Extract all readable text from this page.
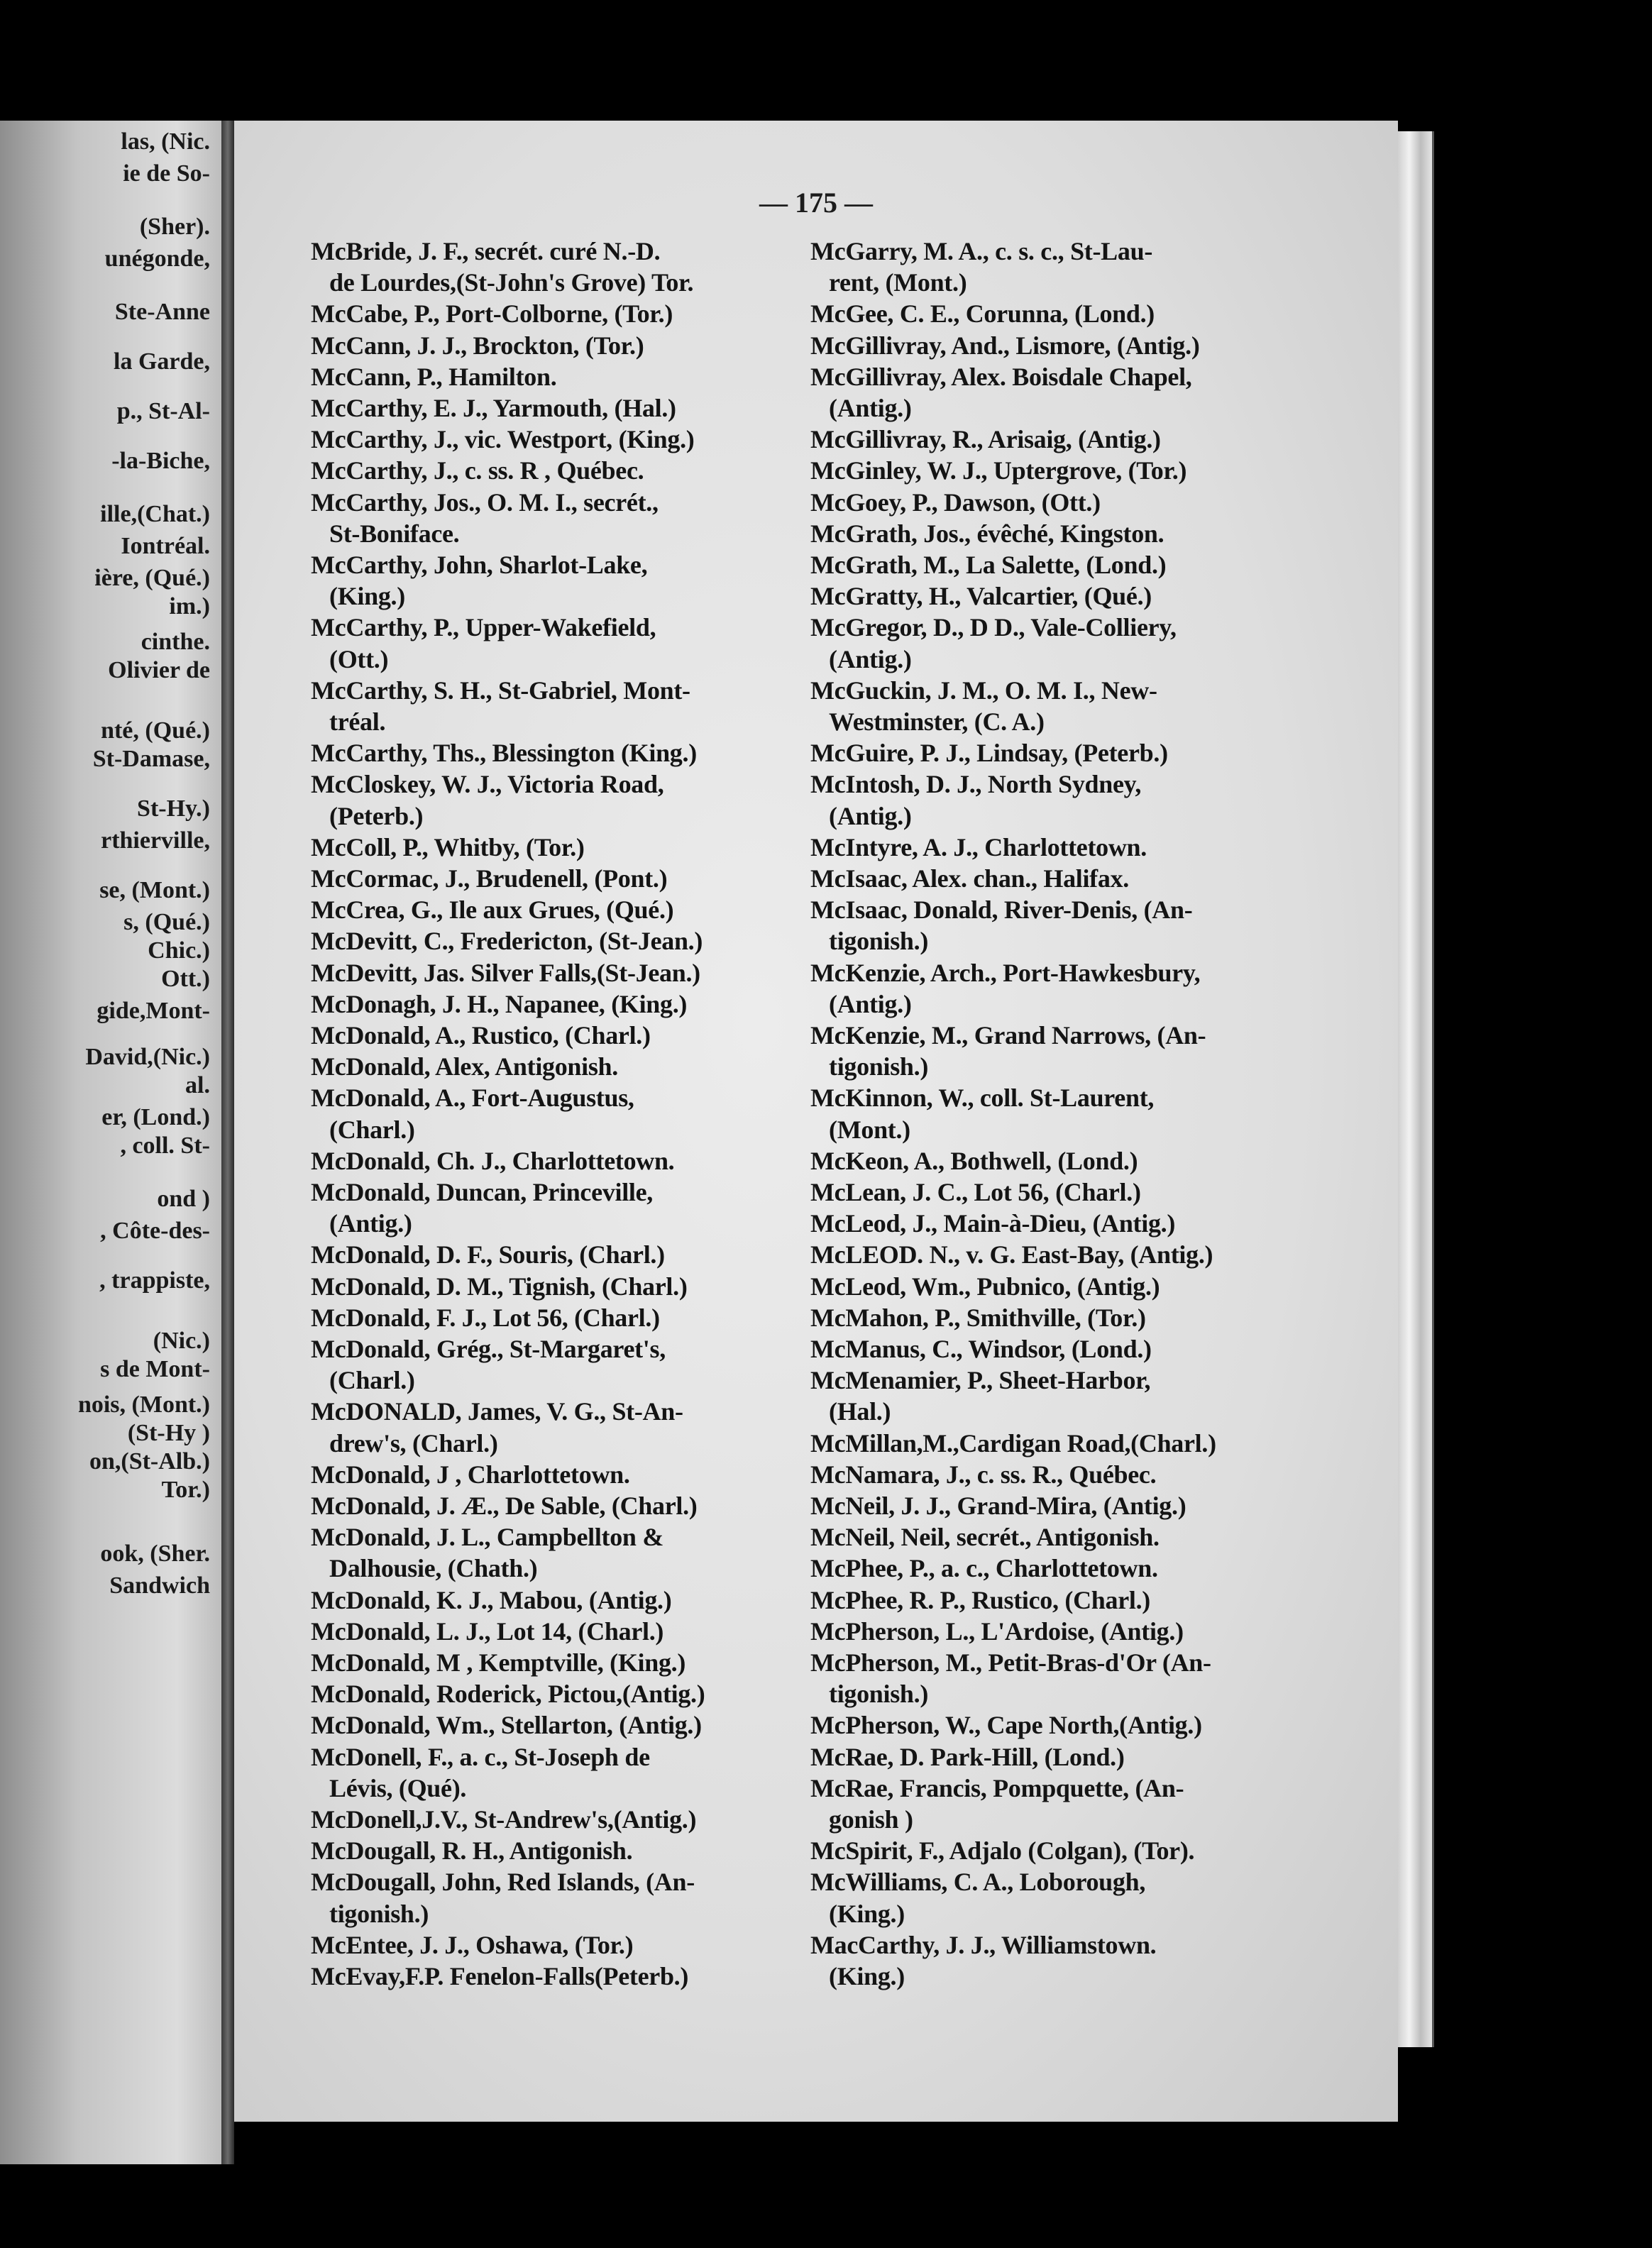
las, (Nic.
ie de So-
(Sher).
unégonde,
Ste-Anne
la Garde,
p., St-Al-
-la-Biche,
ille,(Chat.)
Iontréal.
ière, (Qué.)
im.)
cinthe.
Olivier de
nté, (Qué.)
St-Damase,
St-Hy.)
rthierville,
se, (Mont.)
s, (Qué.)
Chic.)
Ott.)
gide,Mont-
David,(Nic.)
al.
er, (Lond.)
, coll. St-
ond )
, Côte-des-
, trappiste,
(Nic.)
s de Mont-
nois, (Mont.)
(St-Hy )
on,(St-Alb.)
Tor.)
ook, (Sher.
Sandwich
— 175 —
McBride, J. F., secrét. curé N.-D.
de Lourdes,(St-John's Grove) Tor.
McCabe, P., Port-Colborne, (Tor.)
McCann, J. J., Brockton, (Tor.)
McCann, P., Hamilton.
McCarthy, E. J., Yarmouth, (Hal.)
McCarthy, J., vic. Westport, (King.)
McCarthy, J., c. ss. R , Québec.
McCarthy, Jos., O. M. I., secrét.,
St-Boniface.
McCarthy, John, Sharlot-Lake,
(King.)
McCarthy, P., Upper-Wakefield,
(Ott.)
McCarthy, S. H., St-Gabriel, Mont-
tréal.
McCarthy, Ths., Blessington (King.)
McCloskey, W. J., Victoria Road,
(Peterb.)
McColl, P., Whitby, (Tor.)
McCormac, J., Brudenell, (Pont.)
McCrea, G., Ile aux Grues, (Qué.)
McDevitt, C., Fredericton, (St-Jean.)
McDevitt, Jas. Silver Falls,(St-Jean.)
McDonagh, J. H., Napanee, (King.)
McDonald, A., Rustico, (Charl.)
McDonald, Alex, Antigonish.
McDonald, A., Fort-Augustus,
(Charl.)
McDonald, Ch. J., Charlottetown.
McDonald, Duncan, Princeville,
(Antig.)
McDonald, D. F., Souris, (Charl.)
McDonald, D. M., Tignish, (Charl.)
McDonald, F. J., Lot 56, (Charl.)
McDonald, Grég., St-Margaret's,
(Charl.)
McDONALD, James, V. G., St-An-
drew's, (Charl.)
McDonald, J , Charlottetown.
McDonald, J. Æ., De Sable, (Charl.)
McDonald, J. L., Campbellton &
Dalhousie, (Chath.)
McDonald, K. J., Mabou, (Antig.)
McDonald, L. J., Lot 14, (Charl.)
McDonald, M , Kemptville, (King.)
McDonald, Roderick, Pictou,(Antig.)
McDonald, Wm., Stellarton, (Antig.)
McDonell, F., a. c., St-Joseph de
Lévis, (Qué).
McDonell,J.V., St-Andrew's,(Antig.)
McDougall, R. H., Antigonish.
McDougall, John, Red Islands, (An-
tigonish.)
McEntee, J. J., Oshawa, (Tor.)
McEvay,F.P. Fenelon-Falls(Peterb.)
McGarry, M. A., c. s. c., St-Lau-
rent, (Mont.)
McGee, C. E., Corunna, (Lond.)
McGillivray, And., Lismore, (Antig.)
McGillivray, Alex. Boisdale Chapel,
(Antig.)
McGillivray, R., Arisaig, (Antig.)
McGinley, W. J., Uptergrove, (Tor.)
McGoey, P., Dawson, (Ott.)
McGrath, Jos., évêché, Kingston.
McGrath, M., La Salette, (Lond.)
McGratty, H., Valcartier, (Qué.)
McGregor, D., D D., Vale-Colliery,
(Antig.)
McGuckin, J. M., O. M. I., New-
Westminster, (C. A.)
McGuire, P. J., Lindsay, (Peterb.)
McIntosh, D. J., North Sydney,
(Antig.)
McIntyre, A. J., Charlottetown.
McIsaac, Alex. chan., Halifax.
McIsaac, Donald, River-Denis, (An-
tigonish.)
McKenzie, Arch., Port-Hawkesbury,
(Antig.)
McKenzie, M., Grand Narrows, (An-
tigonish.)
McKinnon, W., coll. St-Laurent,
(Mont.)
McKeon, A., Bothwell, (Lond.)
McLean, J. C., Lot 56, (Charl.)
McLeod, J., Main-à-Dieu, (Antig.)
McLEOD. N., v. G. East-Bay, (Antig.)
McLeod, Wm., Pubnico, (Antig.)
McMahon, P., Smithville, (Tor.)
McManus, C., Windsor, (Lond.)
McMenamier, P., Sheet-Harbor,
(Hal.)
McMillan,M.,Cardigan Road,(Charl.)
McNamara, J., c. ss. R., Québec.
McNeil, J. J., Grand-Mira, (Antig.)
McNeil, Neil, secrét., Antigonish.
McPhee, P., a. c., Charlottetown.
McPhee, R. P., Rustico, (Charl.)
McPherson, L., L'Ardoise, (Antig.)
McPherson, M., Petit-Bras-d'Or (An-
tigonish.)
McPherson, W., Cape North,(Antig.)
McRae, D. Park-Hill, (Lond.)
McRae, Francis, Pompquette, (An-
gonish )
McSpirit, F., Adjalo (Colgan), (Tor).
McWilliams, C. A., Loborough,
(King.)
MacCarthy, J. J., Williamstown.
(King.)
